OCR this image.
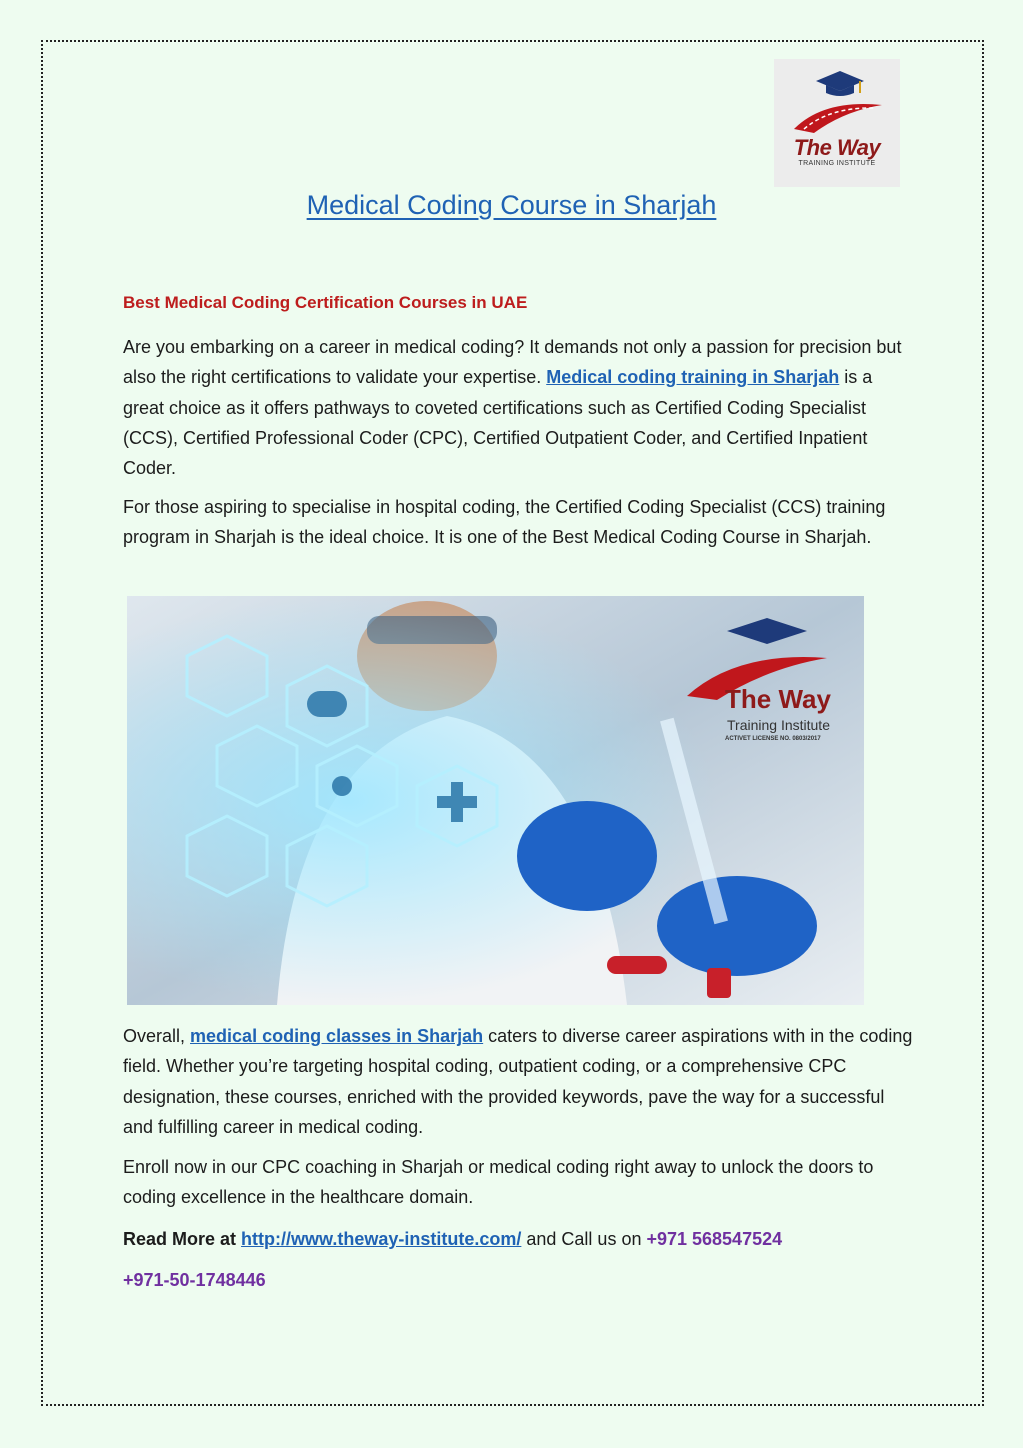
The Way
TRAINING INSTITUTE
Medical Coding Course in Sharjah
Best Medical Coding Certification Courses in UAE

Are you embarking on a career in medical coding? It demands not only a passion for precision but also the right certifications to validate your expertise. Medical coding training in Sharjah is a great choice as it offers pathways to coveted certifications such as Certified Coding Specialist (CCS), Certified Professional Coder (CPC), Certified Outpatient Coder, and Certified Inpatient Coder.

For those aspiring to specialise in hospital coding, the Certified Coding Specialist (CCS) training program in Sharjah is the ideal choice. It is one of the Best Medical Coding Course in Sharjah.

The Way
Training Institute
ACTIVET LICENSE NO. 0803/2017

Overall, medical coding classes in Sharjah caters to diverse career aspirations with in the coding field. Whether you’re targeting hospital coding, outpatient coding, or a comprehensive CPC designation, these courses, enriched with the provided keywords, pave the way for a successful and fulfilling career in medical coding.

Enroll now in our CPC coaching in Sharjah or medical coding right away to unlock the doors to coding excellence in the healthcare domain.

Read More at http://www.theway-institute.com/ and Call us on +971 568547524

+971-50-1748446
